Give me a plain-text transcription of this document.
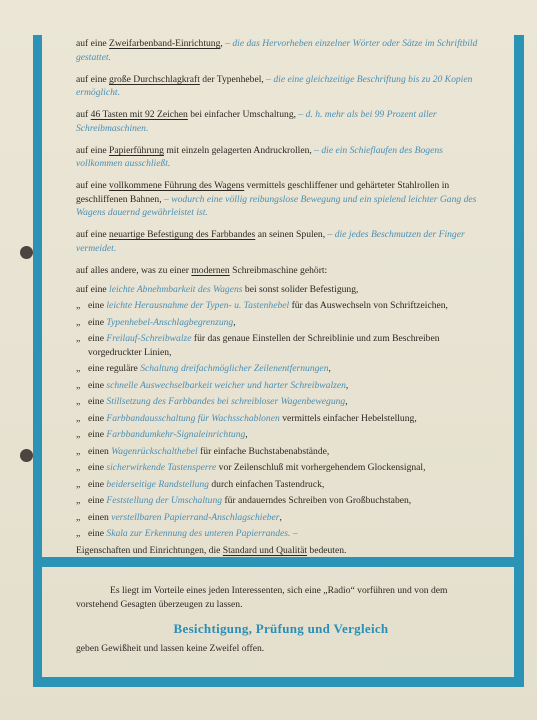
auf eine Zweifarbenband-Einrichtung, – die das Hervorheben einzelner Wörter oder Sätze im Schriftbild gestattet.

auf eine große Durchschlagkraft der Typenhebel, – die eine gleichzeitige Beschriftung bis zu 20 Kopien ermöglicht.

auf 46 Tasten mit 92 Zeichen bei einfacher Umschaltung, – d. h. mehr als bei 99 Prozent aller Schreibmaschinen.

auf eine Papierführung mit einzeln gelagerten Andruckrollen, – die ein Schieflaufen des Bogens vollkommen ausschließt.

auf eine vollkommene Führung des Wagens vermittels geschliffener und gehärteter Stahlrollen in geschliffenen Bahnen, – wodurch eine völlig reibungslose Bewegung und ein spielend leichter Gang des Wagens dauernd gewährleistet ist.

auf eine neuartige Befestigung des Farbbandes an seinen Spulen, – die jedes Beschmutzen der Finger vermeidet.

auf alles andere, was zu einer modernen Schreibmaschine gehört:

auf eine leichte Abnehmbarkeit des Wagens bei sonst solider Befestigung,

„ eine leichte Herausnahme der Typen- u. Tastenhebel für das Auswechseln von Schriftzeichen,

„ eine Typenhebel-Anschlagbegrenzung,

„ eine Freilauf-Schreibwalze für das genaue Einstellen der Schreiblinie und zum Beschreiben vorgedruckter Linien,

„ eine reguläre Schaltung dreifachmöglicher Zeilenentfernungen,

„ eine schnelle Auswechselbarkeit weicher und harter Schreibwalzen,

„ eine Stillsetzung des Farbbandes bei schreibloser Wagenbewegung,

„ eine Farbbandausschaltung für Wachsschablonen vermittels einfacher Hebelstellung,

„ eine Farbbandumkehr-Signaleinrichtung,

„ einen Wagenrückschalthebel für einfache Buchstabenabstände,

„ eine sicherwirkende Tastensperre vor Zeilenschluß mit vorhergehendem Glockensignal,

„ eine beiderseitige Randstellung durch einfachen Tastendruck,

„ eine Feststellung der Umschaltung für andauerndes Schreiben von Großbuchstaben,

„ einen verstellbaren Papierrand-Anschlagschieber,

„ eine Skala zur Erkennung des unteren Papierrandes. –

Eigenschaften und Einrichtungen, die Standard und Qualität bedeuten.

Es liegt im Vorteile eines jeden Interessenten, sich eine „Radio“ vorführen und von dem vorstehend Gesagten überzeugen zu lassen.

Besichtigung, Prüfung und Vergleich

geben Gewißheit und lassen keine Zweifel offen.
